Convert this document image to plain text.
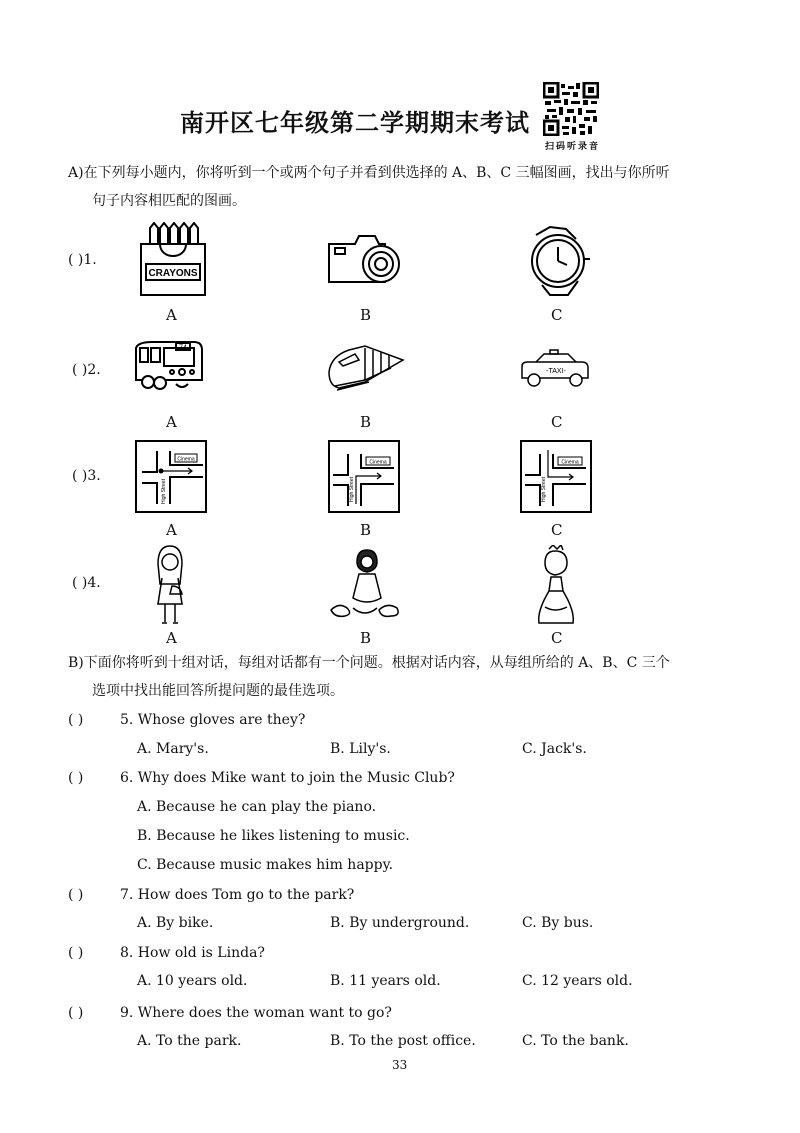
南开区七年级第二学期期末考试
扫码听录音
A)在下列每小题内，你将听到一个或两个句子并看到供选择的 A、B、C 三幅图画，找出与你所听
句子内容相匹配的图画。
( )1.
CRAYONS
A	B	C
( )2.
74
-TAXI-
A	B	C
( )3.
Cinema
High Street
Cinema
High Street
Cinema
High Street
A	B	C
( )4.
A	B	C
B)下面你将听到十组对话，每组对话都有一个问题。根据对话内容，从每组所给的 A、B、C 三个
选项中找出能回答所提问题的最佳选项。
( )	5. Whose gloves are they?
A. Mary's.	B. Lily's.	C. Jack's.
( )	6. Why does Mike want to join the Music Club?
A. Because he can play the piano.
B. Because he likes listening to music.
C. Because music makes him happy.
( )	7. How does Tom go to the park?
A. By bike.	B. By underground.	C. By bus.
( )	8. How old is Linda?
A. 10 years old.	B. 11 years old.	C. 12 years old.
( )	9. Where does the woman want to go?
A. To the park.	B. To the post office.	C. To the bank.
33
